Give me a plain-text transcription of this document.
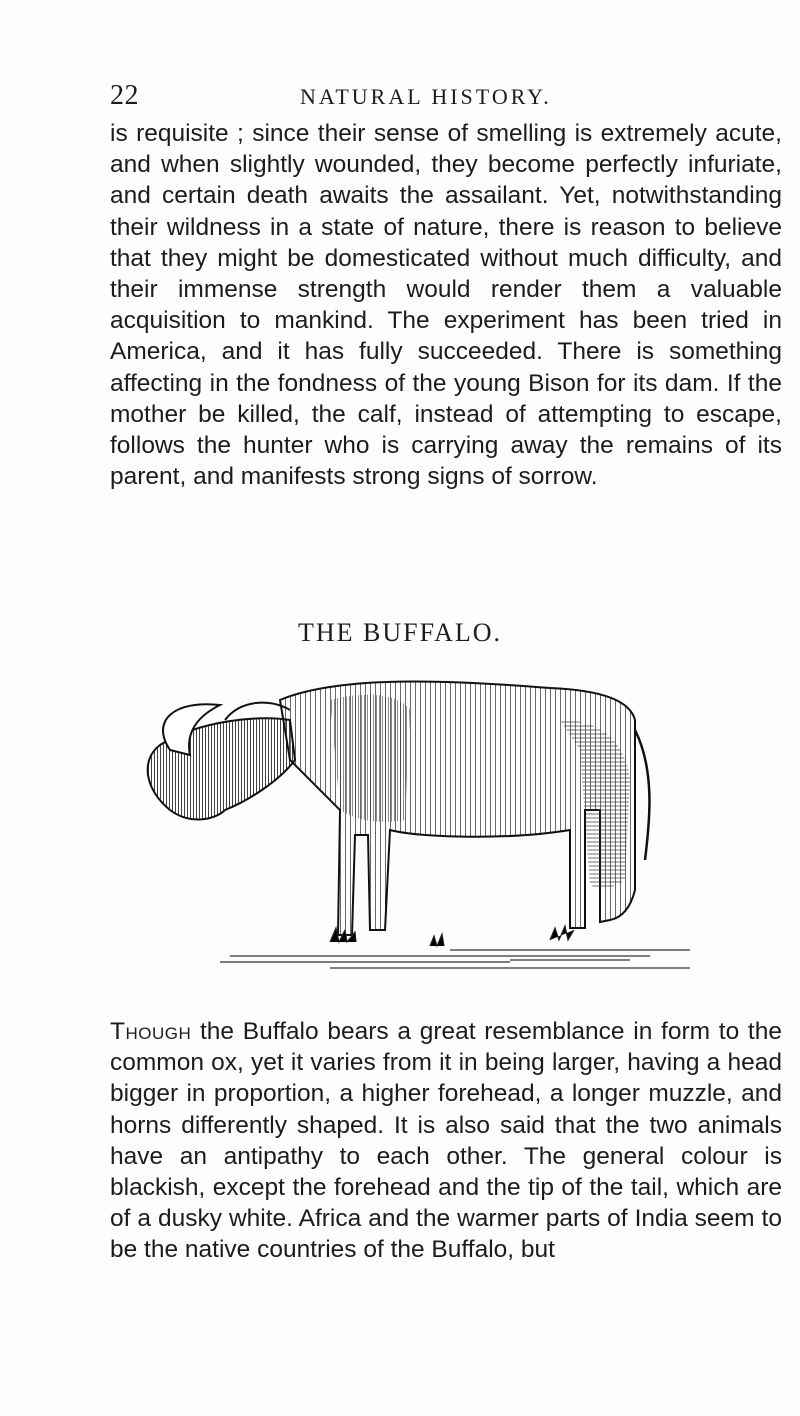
22	NATURAL HISTORY.

is requisite ; since their sense of smelling is extremely acute, and when slightly wounded, they become perfectly infuriate, and certain death awaits the assailant. Yet, notwithstanding their wildness in a state of nature, there is reason to believe that they might be domesticated without much difficulty, and their immense strength would render them a valuable acquisition to mankind. The experiment has been tried in America, and it has fully succeeded. There is something affecting in the fondness of the young Bison for its dam. If the mother be killed, the calf, instead of attempting to escape, follows the hunter who is carrying away the remains of its parent, and manifests strong signs of sorrow.

THE BUFFALO.

Though the Buffalo bears a great resemblance in form to the common ox, yet it varies from it in being larger, having a head bigger in proportion, a higher forehead, a longer muzzle, and horns differently shaped. It is also said that the two animals have an antipathy to each other. The general colour is blackish, except the forehead and the tip of the tail, which are of a dusky white. Africa and the warmer parts of India seem to be the native countries of the Buffalo, but
